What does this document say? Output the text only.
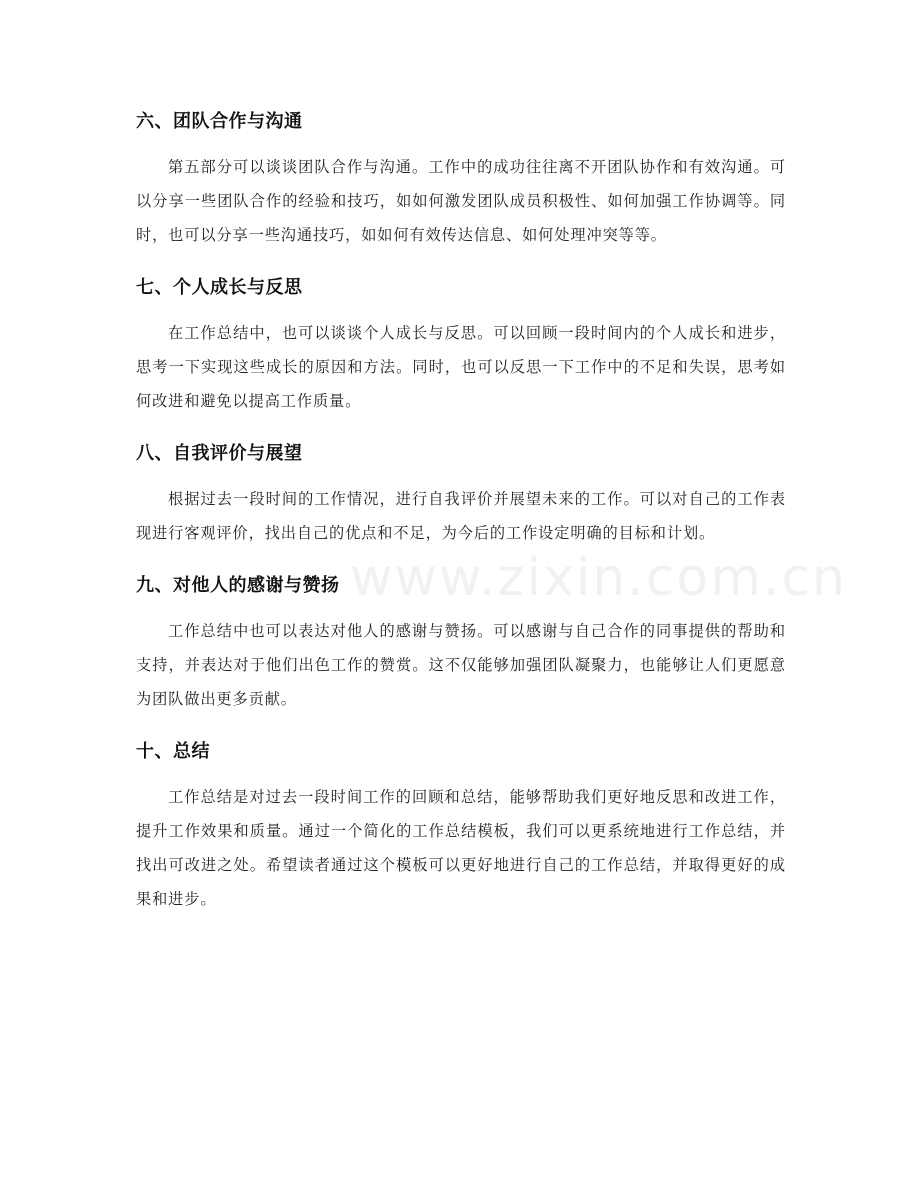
www.zixin.com.cn
六、团队合作与沟通

第五部分可以谈谈团队合作与沟通。工作中的成功往往离不开团队协作和有效沟通。可以分享一些团队合作的经验和技巧，如如何激发团队成员积极性、如何加强工作协调等。同时，也可以分享一些沟通技巧，如如何有效传达信息、如何处理冲突等等。

七、个人成长与反思

在工作总结中，也可以谈谈个人成长与反思。可以回顾一段时间内的个人成长和进步，思考一下实现这些成长的原因和方法。同时，也可以反思一下工作中的不足和失误，思考如何改进和避免以提高工作质量。

八、自我评价与展望

根据过去一段时间的工作情况，进行自我评价并展望未来的工作。可以对自己的工作表现进行客观评价，找出自己的优点和不足，为今后的工作设定明确的目标和计划。

九、对他人的感谢与赞扬

工作总结中也可以表达对他人的感谢与赞扬。可以感谢与自己合作的同事提供的帮助和支持，并表达对于他们出色工作的赞赏。这不仅能够加强团队凝聚力，也能够让人们更愿意为团队做出更多贡献。

十、总结

工作总结是对过去一段时间工作的回顾和总结，能够帮助我们更好地反思和改进工作，提升工作效果和质量。通过一个简化的工作总结模板，我们可以更系统地进行工作总结，并找出可改进之处。希望读者通过这个模板可以更好地进行自己的工作总结，并取得更好的成果和进步。
